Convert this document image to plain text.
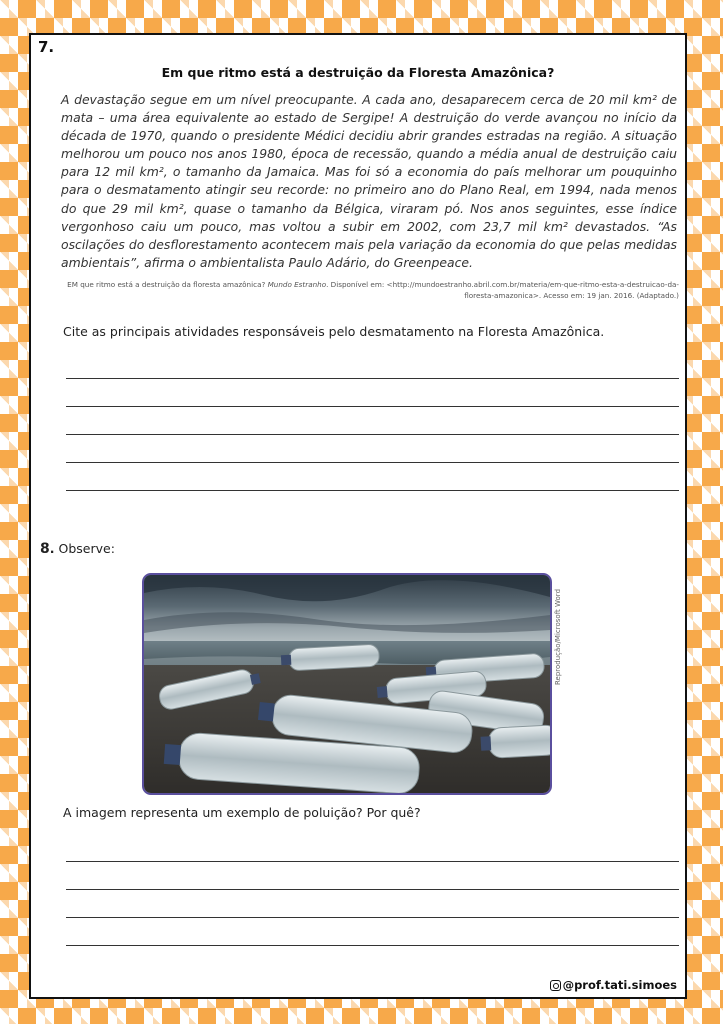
7.
Em que ritmo está a destruição da Floresta Amazônica?
A devastação segue em um nível preocupante. A cada ano, desaparecem cerca de 20 mil km² de mata – uma área equivalente ao estado de Sergipe! A destruição do verde avançou no início da década de 1970, quando o presidente Médici decidiu abrir grandes estradas na região. A situação melhorou um pouco nos anos 1980, época de recessão, quando a média anual de destruição caiu para 12 mil km², o tamanho da Jamaica. Mas foi só a economia do país melhorar um pouquinho para o desmatamento atingir seu recorde: no primeiro ano do Plano Real, em 1994, nada menos do que 29 mil km², quase o tamanho da Bélgica, viraram pó. Nos anos seguintes, esse índice vergonhoso caiu um pouco, mas voltou a subir em 2002, com 23,7 mil km² devastados. “As oscilações do desflorestamento acontecem mais pela variação da economia do que pelas medidas ambientais”, afirma o ambientalista Paulo Adário, do Greenpeace.
EM que ritmo está a destruição da floresta amazônica? Mundo Estranho. Disponível em: <http://mundoestranho.abril.com.br/materia/em-que-ritmo-esta-a-destruicao-da-floresta-amazonica>. Acesso em: 19 jan. 2016. (Adaptado.)
Cite as principais atividades responsáveis pelo desmatamento na Floresta Amazônica.
8. Observe:
Reprodução/Microsoft Word
A imagem representa um exemplo de poluição? Por quê?
@prof.tati.simoes
